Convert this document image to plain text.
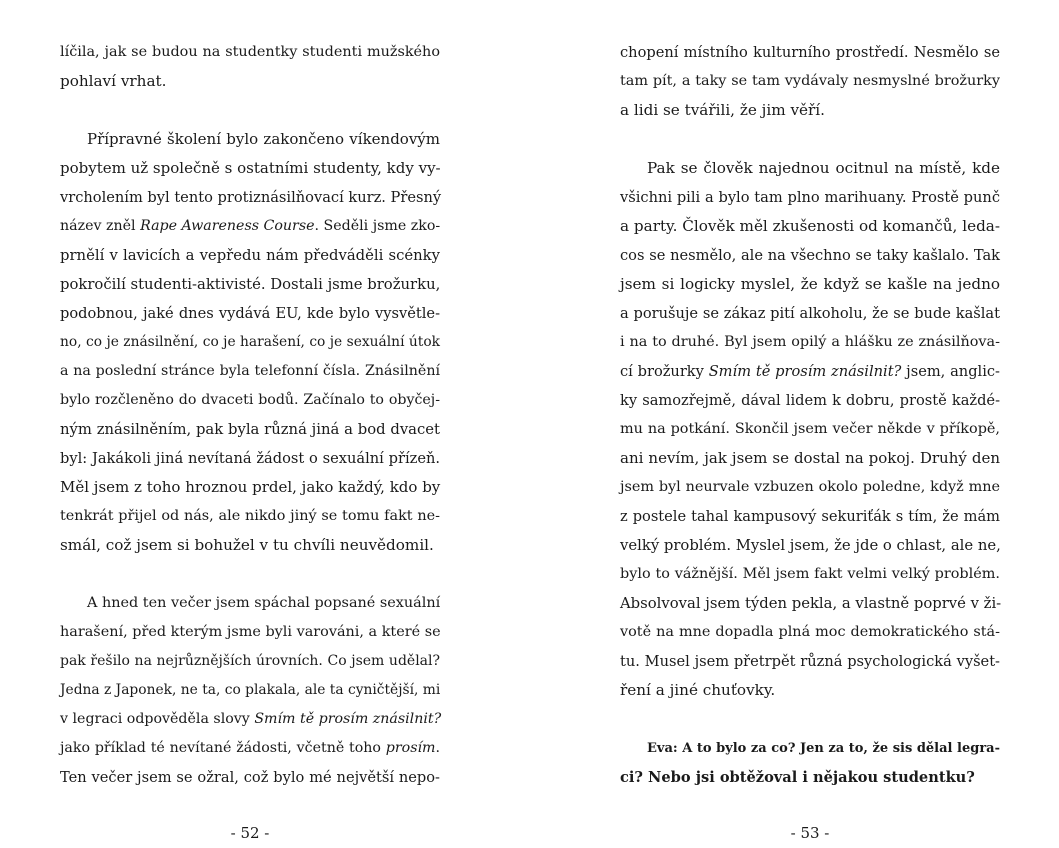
líčila, jak se budou na studentky studenti mužského
pohlaví vrhat.
Přípravné školení bylo zakončeno víkendovým
pobytem už společně s ostatními studenty, kdy vy-
vrcholením byl tento protiznásilňovací kurz. Přesný
název zněl Rape Awareness Course. Seděli jsme zko-
prnělí v lavicích a vepředu nám předváděli scénky
pokročilí studenti-aktivisté. Dostali jsme brožurku,
podobnou, jaké dnes vydává EU, kde bylo vysvětle-
no, co je znásilnění, co je harašení, co je sexuální útok
a na poslední stránce byla telefonní čísla. Znásilnění
bylo rozčleněno do dvaceti bodů. Začínalo to obyčej-
ným znásilněním, pak byla různá jiná a bod dvacet
byl: Jakákoli jiná nevítaná žádost o sexuální přízeň.
Měl jsem z toho hroznou prdel, jako každý, kdo by
tenkrát přijel od nás, ale nikdo jiný se tomu fakt ne-
smál, což jsem si bohužel v tu chvíli neuvědomil.
A hned ten večer jsem spáchal popsané sexuální
harašení, před kterým jsme byli varováni, a které se
pak řešilo na nejrůznějších úrovních. Co jsem udělal?
Jedna z Japonek, ne ta, co plakala, ale ta cyničtější, mi
v legraci odpověděla slovy Smím tě prosím znásilnit?
jako příklad té nevítané žádosti, včetně toho prosím.
Ten večer jsem se ožral, což bylo mé největší nepo-
- 52 -
chopení místního kulturního prostředí. Nesmělo se
tam pít, a taky se tam vydávaly nesmyslné brožurky
a lidi se tvářili, že jim věří.
Pak se člověk najednou ocitnul na místě, kde
všichni pili a bylo tam plno marihuany. Prostě punč
a party. Člověk měl zkušenosti od komančů, leda-
cos se nesmělo, ale na všechno se taky kašlalo. Tak
jsem si logicky myslel, že když se kašle na jedno
a porušuje se zákaz pití alkoholu, že se bude kašlat
i na to druhé. Byl jsem opilý a hlášku ze znásilňova-
cí brožurky Smím tě prosím znásilnit? jsem, anglic-
ky samozřejmě, dával lidem k dobru, prostě každé-
mu na potkání. Skončil jsem večer někde v příkopě,
ani nevím, jak jsem se dostal na pokoj. Druhý den
jsem byl neurvale vzbuzen okolo poledne, když mne
z postele tahal kampusový sekuriťák s tím, že mám
velký problém. Myslel jsem, že jde o chlast, ale ne,
bylo to vážnější. Měl jsem fakt velmi velký problém.
Absolvoval jsem týden pekla, a vlastně poprvé v ži-
votě na mne dopadla plná moc demokratického stá-
tu. Musel jsem přetrpět různá psychologická vyšet-
ření a jiné chuťovky.
Eva: A to bylo za co? Jen za to, že sis dělal legra-
ci? Nebo jsi obtěžoval i nějakou studentku?
- 53 -
